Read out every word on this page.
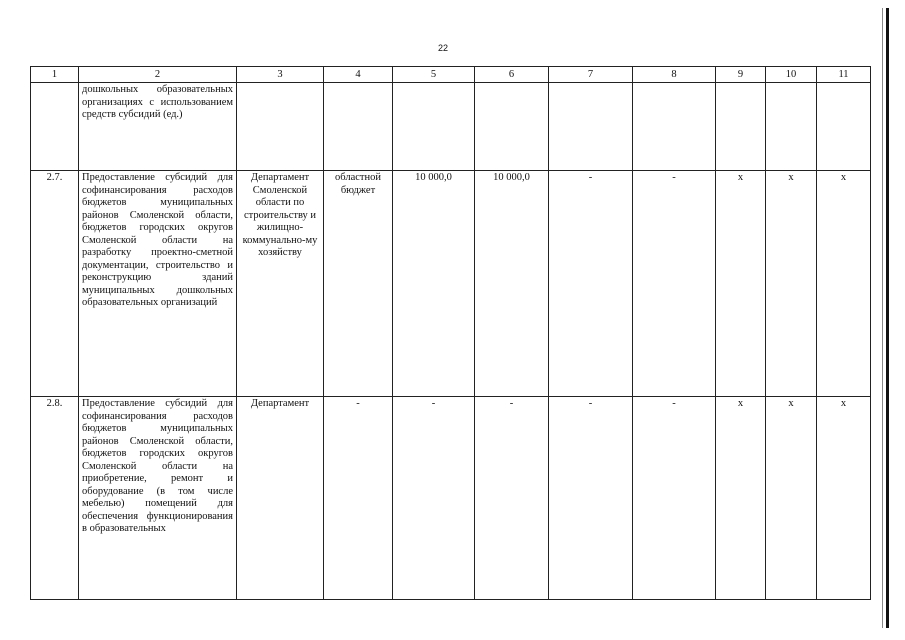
22
1	2	3	4	5	6	7	8	9	10	11
	дошкольных образовательных организациях с использованием средств субсидий (ед.)									
2.7.	Предоставление субсидий для софинансирования расходов бюджетов муниципальных районов Смоленской области, бюджетов городских округов Смоленской области на разработку проектно-сметной документации, строительство и реконструкцию зданий муниципальных дошкольных образовательных организаций	Департамент Смоленской области по строительству и жилищно-коммунально-му хозяйству	областной бюджет	10 000,0	10 000,0	-	-	x	x	x
2.8.	Предоставление субсидий для софинансирования расходов бюджетов муниципальных районов Смоленской области, бюджетов городских округов Смоленской области на приобретение, ремонт и оборудование (в том числе мебелью) помещений для обеспечения функционирования в образовательных	Департамент	-	-	-	-	-	x	x	x
